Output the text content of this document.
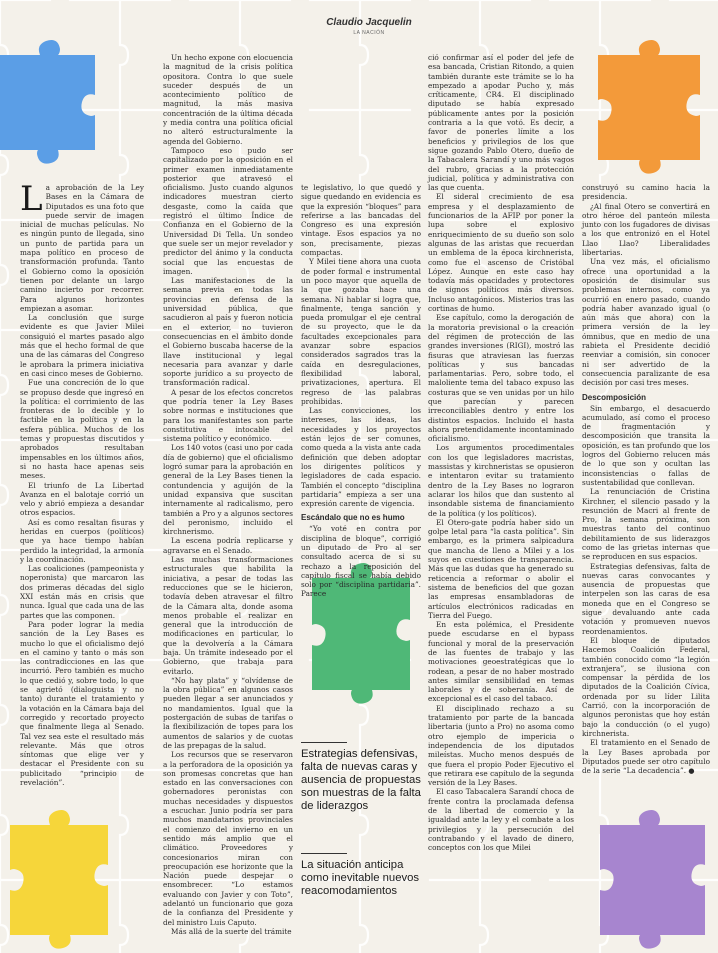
Claudio Jacquelin
LA NACIÓN

La aprobación de la Ley Bases en la Cámara de Diputados es una foto que puede servir de imagen inicial de muchas películas. No es ningún punto de llegada, sino un punto de partida para un mapa político en proceso de transformación profunda. Tanto el Gobierno como la oposición tienen por delante un largo camino incierto por recorrer. Para algunos horizontes empiezan a asomar.

La conclusión que surge evidente es que Javier Milei consiguió el martes pasado algo más que el hecho formal de que una de las cámaras del Congreso le aprobara la primera iniciativa en casi cinco meses de Gobierno.

Fue una concreción de lo que se propuso desde que ingresó en la política: el corrimiento de las fronteras de lo decible y lo factible en la política y en la esfera pública. Muchos de los temas y propuestas discutidos y aprobados resultaban impensables en los últimos años, si no hasta hace apenas seis meses.

El triunfo de La Libertad Avanza en el balotaje corrió un velo y abrió empieza a desandar otros espacios.

Así es como resaltan fisuras y heridas en cuerpos (políticos) que ya hace tiempo habían perdido la integridad, la armonía y la coordinación.

Las coaliciones (pampeonista y noperonista) que marcaron las dos primeras décadas del siglo XXI están más en crisis que nunca. Igual que cada una de las partes que las componen.

Para poder lograr la media sanción de la Ley Bases es mucho lo que el oficialismo dejó en el camino y tanto o más son las contradicciones en las que incurrió. Pero también es mucho lo que cedió y, sobre todo, lo que se agrietó (dialoguista y no tanto) durante el tratamiento y la votación en la Cámara baja del corregido y recortado proyecto que finalmente llega al Senado. Tal vez sea este el resultado más relevante. Más que otros síntomas que elige ver y destacar el Presidente con su publicitado “principio de revelación”.

Un hecho expone con elocuencia la magnitud de la crisis política opositora. Contra lo que suele suceder después de un acontecimiento político de magnitud, la más masiva concentración de la última década y media contra una política oficial no alteró estructuralmente la agenda del Gobierno.

Tampoco eso pudo ser capitalizado por la oposición en el primer examen inmediatamente posterior que atravesó el oficialismo. Justo cuando algunos indicadores muestran cierto desgaste, como la caída que registró el último Índice de Confianza en el Gobierno de la Universidad Di Tella. Un sondeo que suele ser un mejor revelador y predictor del ánimo y la conducta social que las encuestas de imagen.

Las manifestaciones de la semana previa en todas las provincias en defensa de la universidad pública, que sacudieron al país y fueron noticia en el exterior, no tuvieron consecuencias en el ámbito donde el Gobierno buscaba hacerse de la llave institucional y legal necesaria para avanzar y darle soporte jurídico a su proyecto de transformación radical.

A pesar de los efectos concretos que podría tener la Ley Bases sobre normas e instituciones que para los manifestantes son parte constitutiva e intocable del sistema político y económico.

Los 140 votos (casi uno por cada día de gobierno) que el oficialismo logró sumar para la aprobación en general de la Ley Bases tienen la contundencia y aguijón de la unidad expansiva que suscitan internamente al radicalismo, pero también a Pro y a algunos sectores del peronismo, incluido el kirchnerismo.

La escena podría replicarse y agravarse en el Senado.

Las muchas transformaciones estructurales que habilita la iniciativa, a pesar de todas las reducciones que se le hicieron, todavía deben atravesar el filtro de la Cámara alta, donde asoma menos probable el realizar en general que la introducción de modificaciones en particular, lo que la devolvería a la Cámara baja. Un trámite indeseado por el Gobierno, que trabaja para evitarlo.

“No hay plata” y “olvídense de la obra pública” en algunos casos pueden llegar a ser anunciados y no mandamientos. Igual que la postergación de subas de tarifas o la flexibilización de topes para los aumentos de salarios y de cuotas de las prepagas de la salud.

Los recursos que se reservaron a la perforadora de la oposición ya son promesas concretas que han estado en las conversaciones con gobernadores peronistas con muchas necesidades y dispuestos a escuchar. Junio podría ser para muchos mandatarios provinciales el comienzo del invierno en un sentido más amplio que el climático. Proveedores y concesionarios miran con preocupación ese horizonte que la Nación puede despejar o ensombrecer. “Lo estamos evaluando con Javier y con Toto”, adelantó un funcionario que goza de la confianza del Presidente y del ministro Luis Caputo.

Más allá de la suerte del trámite

te legislativo, lo que quedó y sigue quedando en evidencia es que la expresión “bloques” para referirse a las bancadas del Congreso es una expresión vintage. Esos espacios ya no son, precisamente, piezas compactas.

Y Milei tiene ahora una cuota de poder formal e instrumental un poco mayor que aquella de la que gozaba hace una semana. Ni hablar si logra que, finalmente, tenga sanción y pueda promulgar el eje central de su proyecto, que le da facultades excepcionales para avanzar sobre espacios considerados sagrados tras la caída en desregulaciones, flexibilidad laboral, privatizaciones, apertura. El regreso de las palabras prohibidas.

Las convicciones, los intereses, las ideas, las necesidades y los proyectos están lejos de ser comunes, como queda a la vista ante cada definición que deben adoptar los dirigentes políticos y legisladores de cada espacio. También el concepto “disciplina partidaria” empieza a ser una expresión carente de vigencia.

Escándalo que no es humo

“Yo voté en contra por disciplina de bloque”, corrigió un diputado de Pro al ser consultado acerca de si su rechazo a la reposición del capítulo fiscal se había debido solo por “disciplina partidaria”. Parece

Estrategias defensivas, falta de nuevas caras y ausencia de propuestas son muestras de la falta de liderazgos
La situación anticipa como inevitable nuevos reacomodamientos

ció confirmar así el poder del jefe de esa bancada, Cristian Ritondo, a quien también durante este trámite se lo ha empezado a apodar Pucho y, más críticamente, CR4. El disciplinado diputado se había expresado públicamente antes por la posición contraria a la que votó. Es decir, a favor de ponerles límite a los beneficios y privilegios de los que sigue gozando Pablo Otero, dueño de la Tabacalera Sarandí y uno más vagos del rubro, gracias a la protección judicial, política y administrativa con las que cuenta.

El sideral crecimiento de esa empresa y el desplazamiento de funcionarios de la AFIP por poner la lupa sobre el explosivo enriquecimiento de su dueño son solo algunas de las aristas que recuerdan un emblema de la época kirchnerista, como fue el ascenso de Cristóbal López. Aunque en este caso hay todavía más opacidades y protectores de signos políticos más diversos. Incluso antagónicos. Misterios tras las cortinas de humo.

Ese capítulo, como la derogación de la moratoria previsional o la creación del régimen de protección de las grandes inversiones (RIGI), mostró las fisuras que atraviesan las fuerzas políticas y sus bancadas parlamentarias. Pero, sobre todo, el maloliente tema del tabaco expuso las costuras que se ven unidas por un hilo que parecían y parecen irreconciliables dentro y entre los distintos espacios. Incluido el hasta ahora pretendidamente incontaminado oficialismo.

Los argumentos procedimentales con los que legisladores macristas, massistas y kirchneristas se opusieron e intentaron evitar su tratamiento dentro de la Ley Bases no lograron aclarar los hilos que dan sustento al insondable sistema de financiamiento de la política (y los políticos).

El Otero-gate podría haber sido un golpe letal para “la casta política”. Sin embargo, es la primera salpicadura que mancha de lleno a Milei y a los suyos en cuestiones de transparencia. Más que las dudas que ha generado su reticencia a reformar o abolir el sistema de beneficios del que gozan las empresas ensambladoras de artículos electrónicos radicadas en Tierra del Fuego.

En esta polémica, el Presidente puede escudarse en el bypass funcional y moral de la preservación de las fuentes de trabajo y las motivaciones geoestratégicas que lo rodean, a pesar de no haber mostrado antes similar sensibilidad en temas laborales y de soberanía. Así de excepcional es el caso del tabaco.

El disciplinado rechazo a su tratamiento por parte de la bancada libertaria (junto a Pro) no asoma como otro ejemplo de impericia o independencia de los diputados mileístas. Mucho menos después de que fuera el propio Poder Ejecutivo el que retirara ese capítulo de la segunda versión de la Ley Bases.

El caso Tabacalera Sarandí choca de frente contra la proclamada defensa de la libertad de comercio y la igualdad ante la ley y el combate a los privilegios y la persecución del contrabando y el lavado de dinero, conceptos con los que Milei

construyó su camino hacia la presidencia.

¿Al final Otero se convertirá en otro héroe del panteón milesta junto con los fugadores de divisas a los que entronizó en el Hotel Llao Llao? Liberalidades libertarias.

Una vez más, el oficialismo ofrece una oportunidad a la oposición de disimular sus problemas internos, como ya ocurrió en enero pasado, cuando podría haber avanzado igual (o aún más que ahora) con la primera versión de la ley ómnibus, que en medio de una rabieta el Presidente decidió reenviar a comisión, sin conocer ni ser advertido de la consecuencia paralizante de esa decisión por casi tres meses.

Descomposición

Sin embargo, el desacuerdo acumulado, así como el proceso de fragmentación y descomposición que transita la oposición, es tan profundo que los logros del Gobierno relucen más de lo que son y ocultan las inconsistencias o fallas de sustentabilidad que conllevan.

La renunciación de Cristina Kirchner, el silencio pasado y la resunción de Macri al frente de Pro, la semana próxima, son muestras tanto del continuo debilitamiento de sus liderazgos como de las grietas internas que se reproducen en sus espacios.

Estrategias defensivas, falta de nuevas caras convocantes y ausencia de propuestas que interpelen son las caras de esa moneda que en el Congreso se sigue devaluando ante cada votación y promueven nuevos reordenamientos.

El bloque de diputados Hacemos Coalición Federal, también conocido como “la legión extranjera”, se ilusiona con compensar la pérdida de los diputados de la Coalición Cívica, ordenada por su líder Lilita Carrió, con la incorporación de algunos peronistas que hoy están bajo la conducción (o el yugo) kirchnerista.

El tratamiento en el Senado de la Ley Bases aprobada por Diputados puede ser otro capítulo de la serie “La decadencia”. ●
